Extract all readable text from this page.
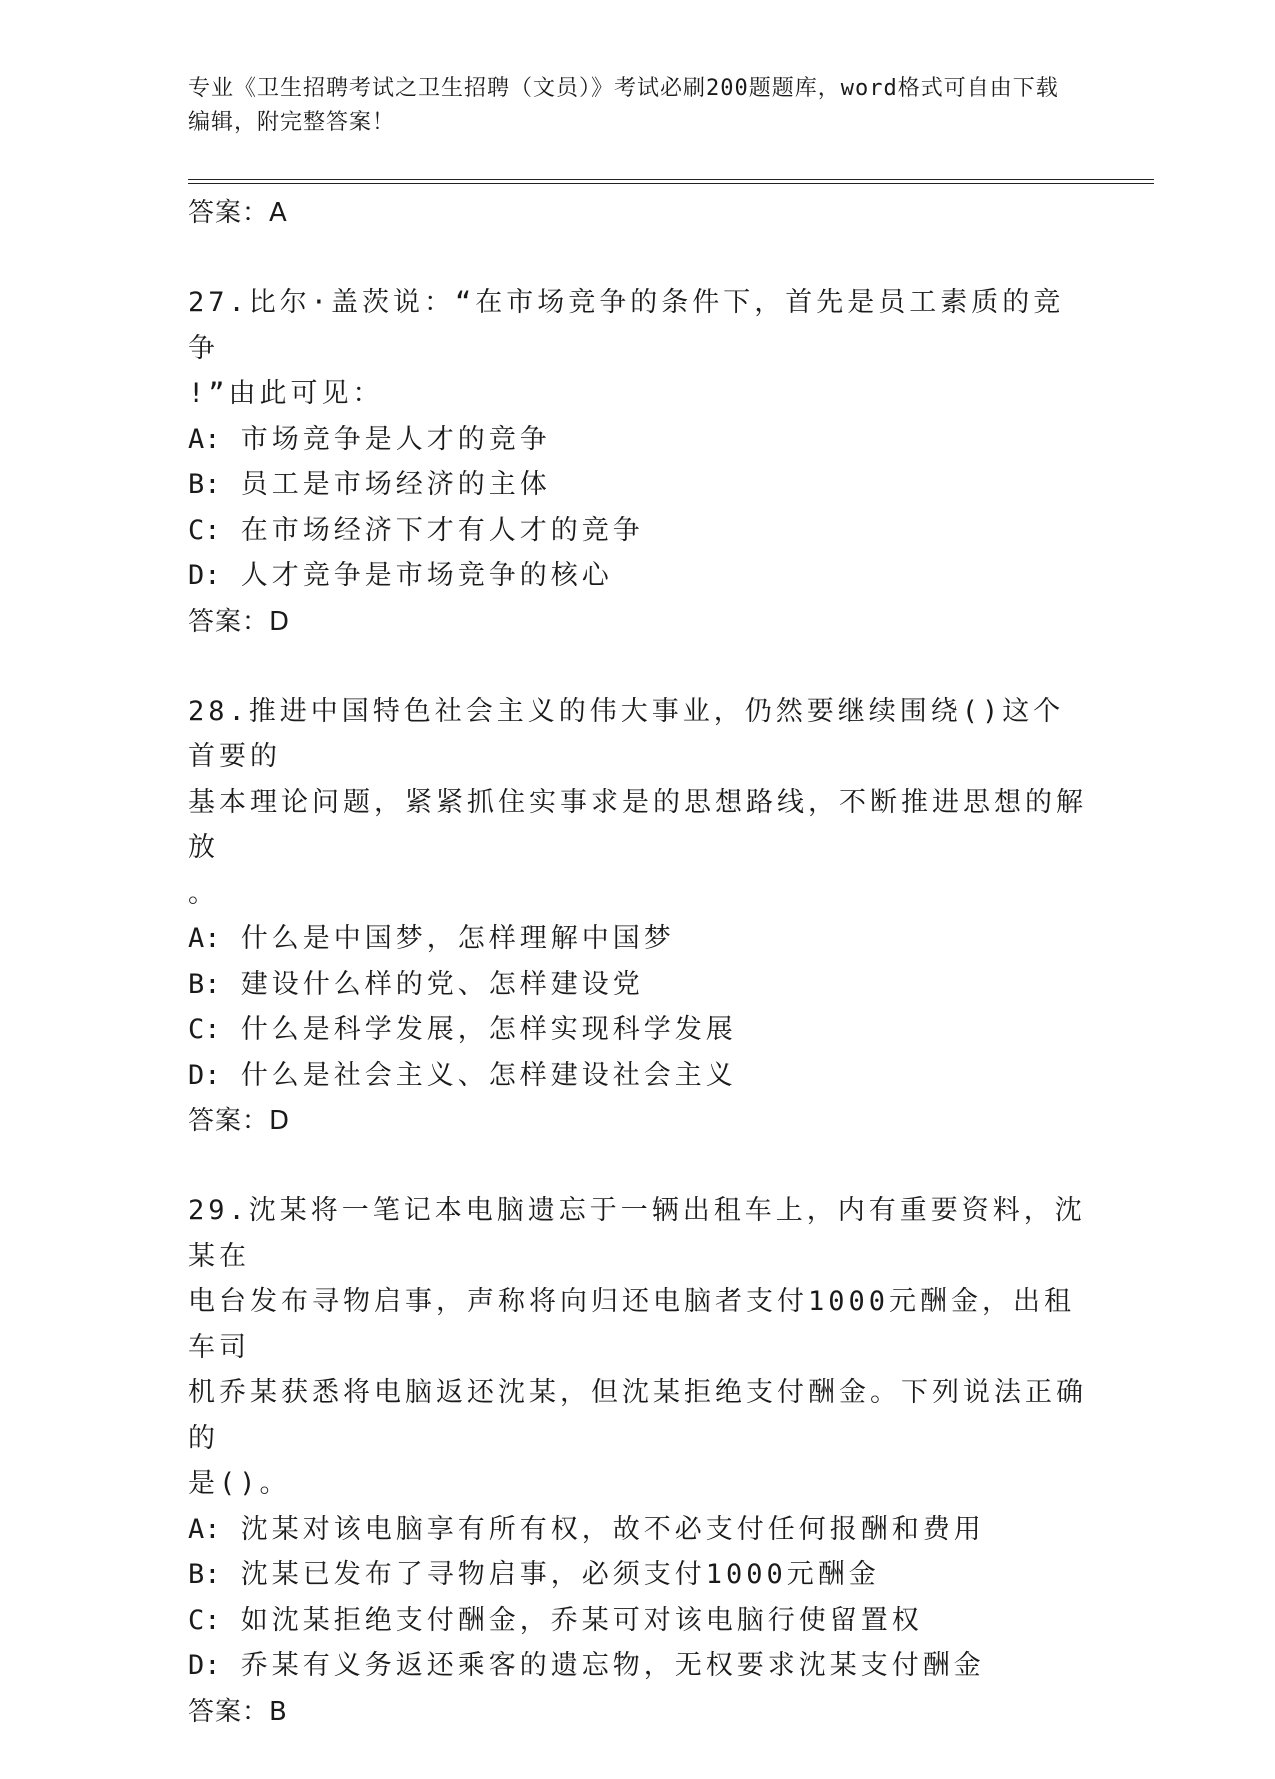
专业《卫生招聘考试之卫生招聘（文员）》考试必刷200题题库，word格式可自由下载编辑，附完整答案！

答案：A

27.比尔·盖茨说：“在市场竞争的条件下，首先是员工素质的竞争

!”由此可见：

A: 市场竞争是人才的竞争

B: 员工是市场经济的主体

C: 在市场经济下才有人才的竞争

D: 人才竞争是市场竞争的核心

答案：D

28.推进中国特色社会主义的伟大事业，仍然要继续围绕()这个首要的

基本理论问题，紧紧抓住实事求是的思想路线，不断推进思想的解放

。

A: 什么是中国梦，怎样理解中国梦

B: 建设什么样的党、怎样建设党

C: 什么是科学发展，怎样实现科学发展

D: 什么是社会主义、怎样建设社会主义

答案：D

29.沈某将一笔记本电脑遗忘于一辆出租车上，内有重要资料，沈某在

电台发布寻物启事，声称将向归还电脑者支付1000元酬金，出租车司

机乔某获悉将电脑返还沈某，但沈某拒绝支付酬金。下列说法正确的

是()。

A: 沈某对该电脑享有所有权，故不必支付任何报酬和费用

B: 沈某已发布了寻物启事，必须支付1000元酬金

C: 如沈某拒绝支付酬金，乔某可对该电脑行使留置权

D: 乔某有义务返还乘客的遗忘物，无权要求沈某支付酬金

答案：B
